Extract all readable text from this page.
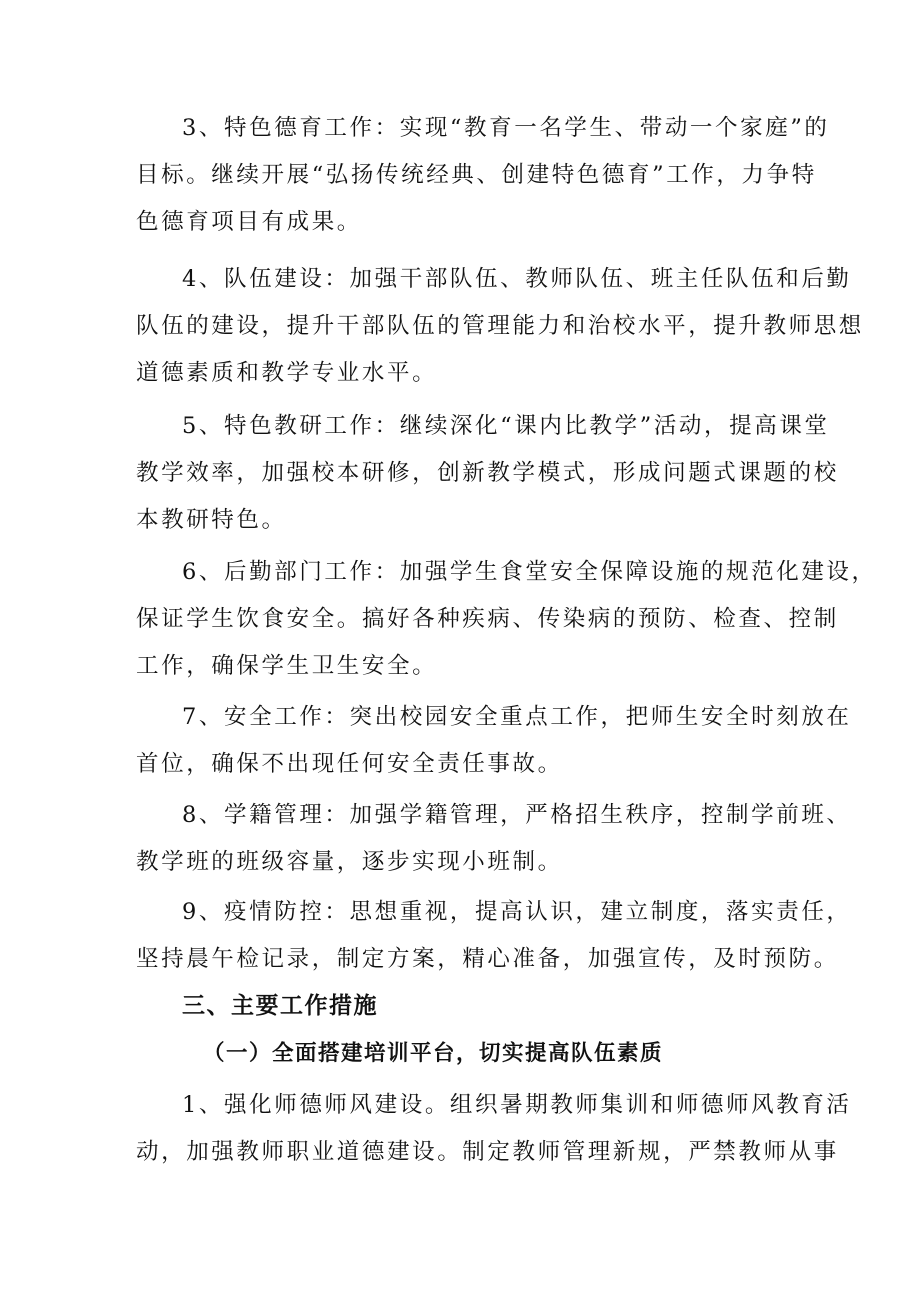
3、特色德育工作：实现“教育一名学生、带动一个家庭”的
目标。继续开展“弘扬传统经典、创建特色德育”工作，力争特
色德育项目有成果。
4、队伍建设：加强干部队伍、教师队伍、班主任队伍和后勤
队伍的建设，提升干部队伍的管理能力和治校水平，提升教师思想
道德素质和教学专业水平。
5、特色教研工作：继续深化“课内比教学”活动，提高课堂
教学效率，加强校本研修，创新教学模式，形成问题式课题的校
本教研特色。
6、后勤部门工作：加强学生食堂安全保障设施的规范化建设，
保证学生饮食安全。搞好各种疾病、传染病的预防、检查、控制
工作，确保学生卫生安全。
7、安全工作：突出校园安全重点工作，把师生安全时刻放在
首位，确保不出现任何安全责任事故。
8、学籍管理：加强学籍管理，严格招生秩序，控制学前班、
教学班的班级容量，逐步实现小班制。
9、疫情防控：思想重视，提高认识，建立制度，落实责任，
坚持晨午检记录，制定方案，精心准备，加强宣传，及时预防。
三、主要工作措施
（一）全面搭建培训平台，切实提高队伍素质
1、强化师德师风建设。组织暑期教师集训和师德师风教育活
动，加强教师职业道德建设。制定教师管理新规，严禁教师从事
